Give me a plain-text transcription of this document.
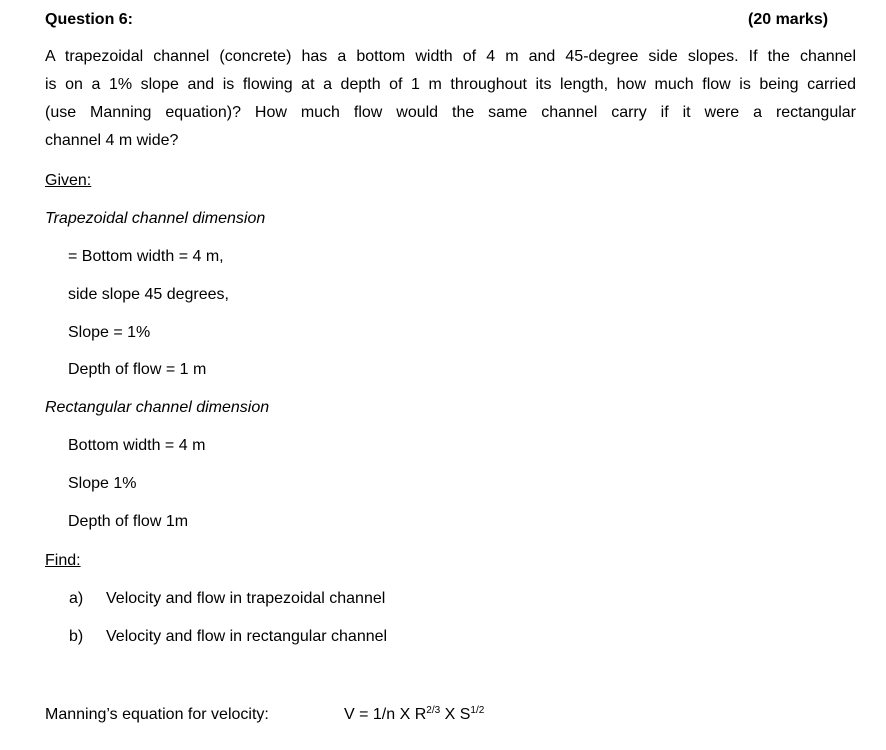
Question 6:	(20 marks)
A trapezoidal channel (concrete) has a bottom width of 4 m and 45-degree side slopes. If the channel
is on a 1% slope and is flowing at a depth of 1 m throughout its length, how much flow is being carried
(use Manning equation)? How much flow would the same channel carry if it were a rectangular
channel 4 m wide?
Given:
Trapezoidal channel dimension
= Bottom width = 4 m,
side slope 45 degrees,
Slope = 1%
Depth of flow = 1 m
Rectangular channel dimension
Bottom width = 4 m
Slope 1%
Depth of flow 1m
Find:
a) Velocity and flow in trapezoidal channel
b) Velocity and flow in rectangular channel
Manning’s equation for velocity:	V = 1/n X $R^{2/3}$ X $S^{1/2}$
